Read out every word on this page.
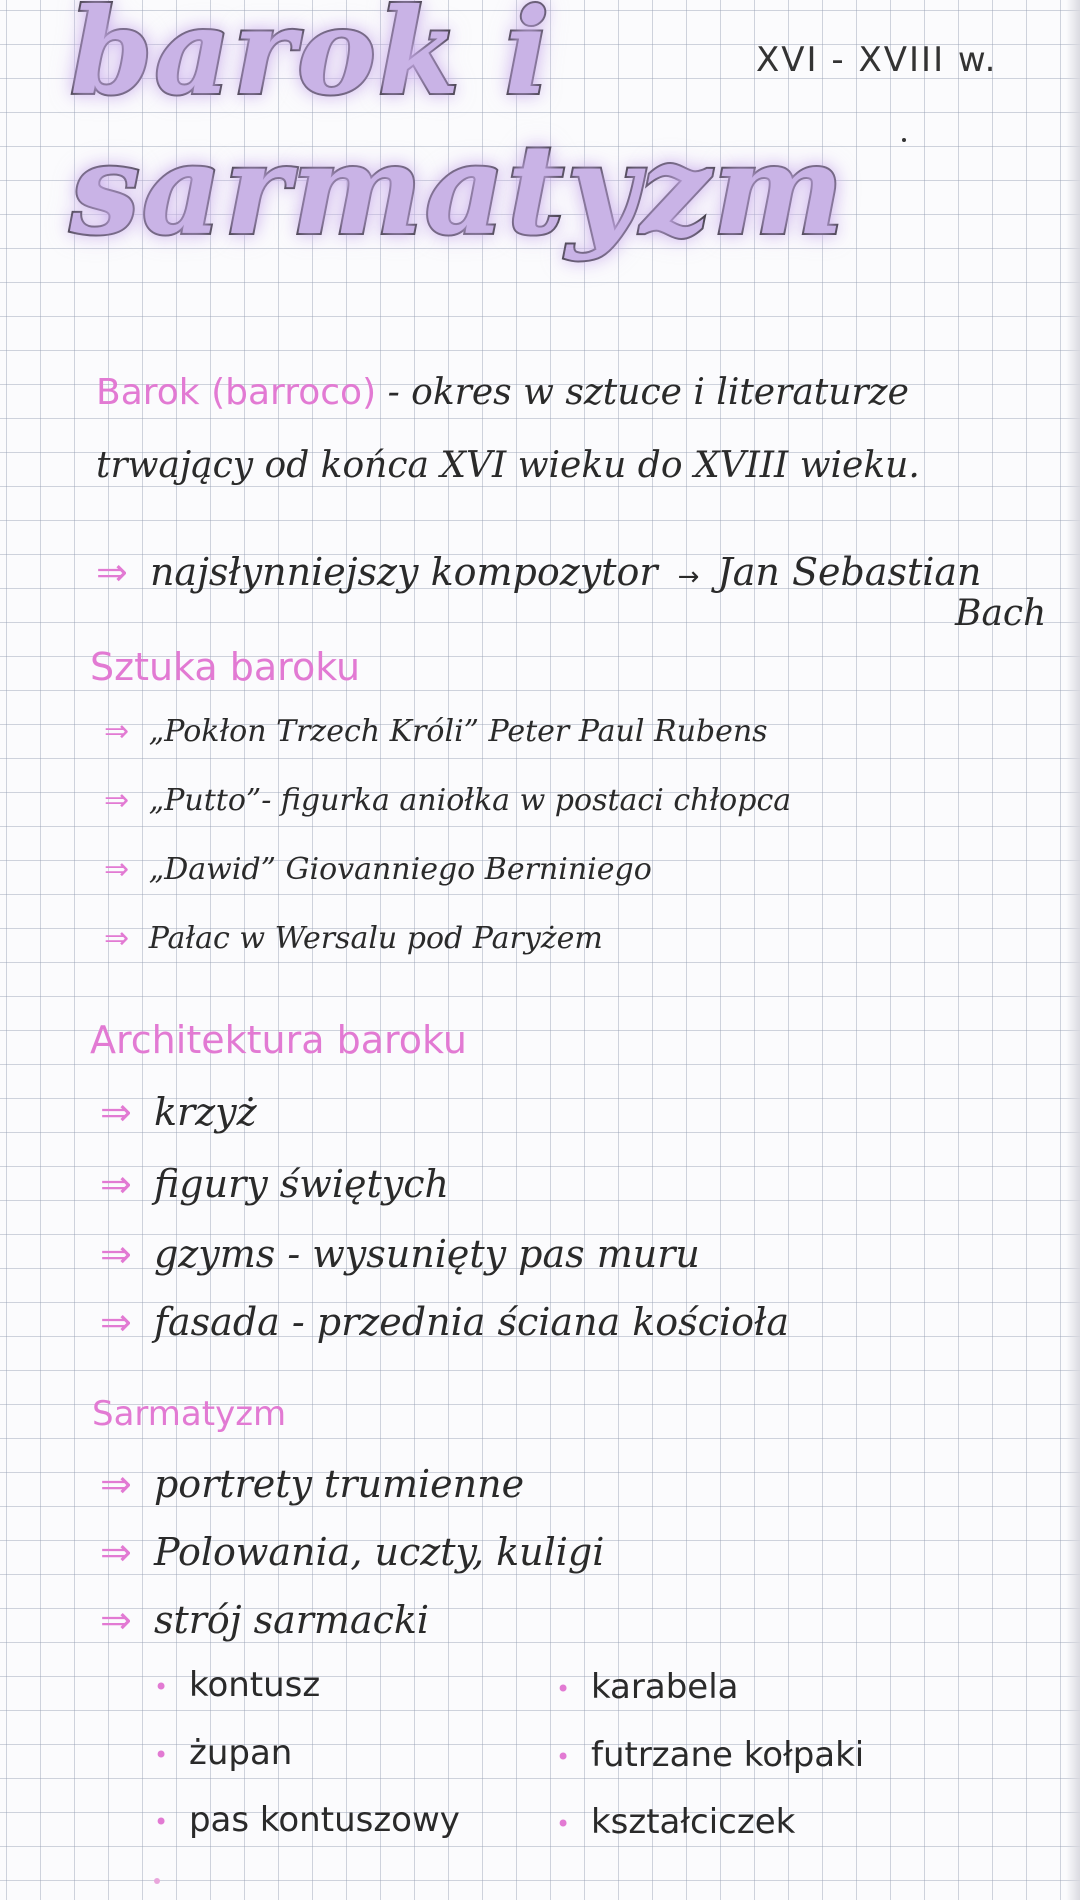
barok i
sarmatyzm
XVI - XVIII w.
Barok (barroco) - okres w sztuce i literaturze
trwający od końca XVI wieku do XVIII wieku.
⇒ najsłynniejszy kompozytor → Jan Sebastian
Bach
Sztuka baroku
⇒ „Pokłon Trzech Króli” Peter Paul Rubens
⇒ „Putto”- figurka aniołka w postaci chłopca
⇒ „Dawid” Giovanniego Berniniego
⇒ Pałac w Wersalu pod Paryżem
Architektura baroku
⇒ krzyż
⇒ figury świętych
⇒ gzyms - wysunięty pas muru
⇒ fasada - przednia ściana kościoła
Sarmatyzm
⇒ portrety trumienne
⇒ Polowania, uczty, kuligi
⇒ strój sarmacki
• kontusz
• żupan
• pas kontuszowy
• karabela
• futrzane kołpaki
• kształciczek
